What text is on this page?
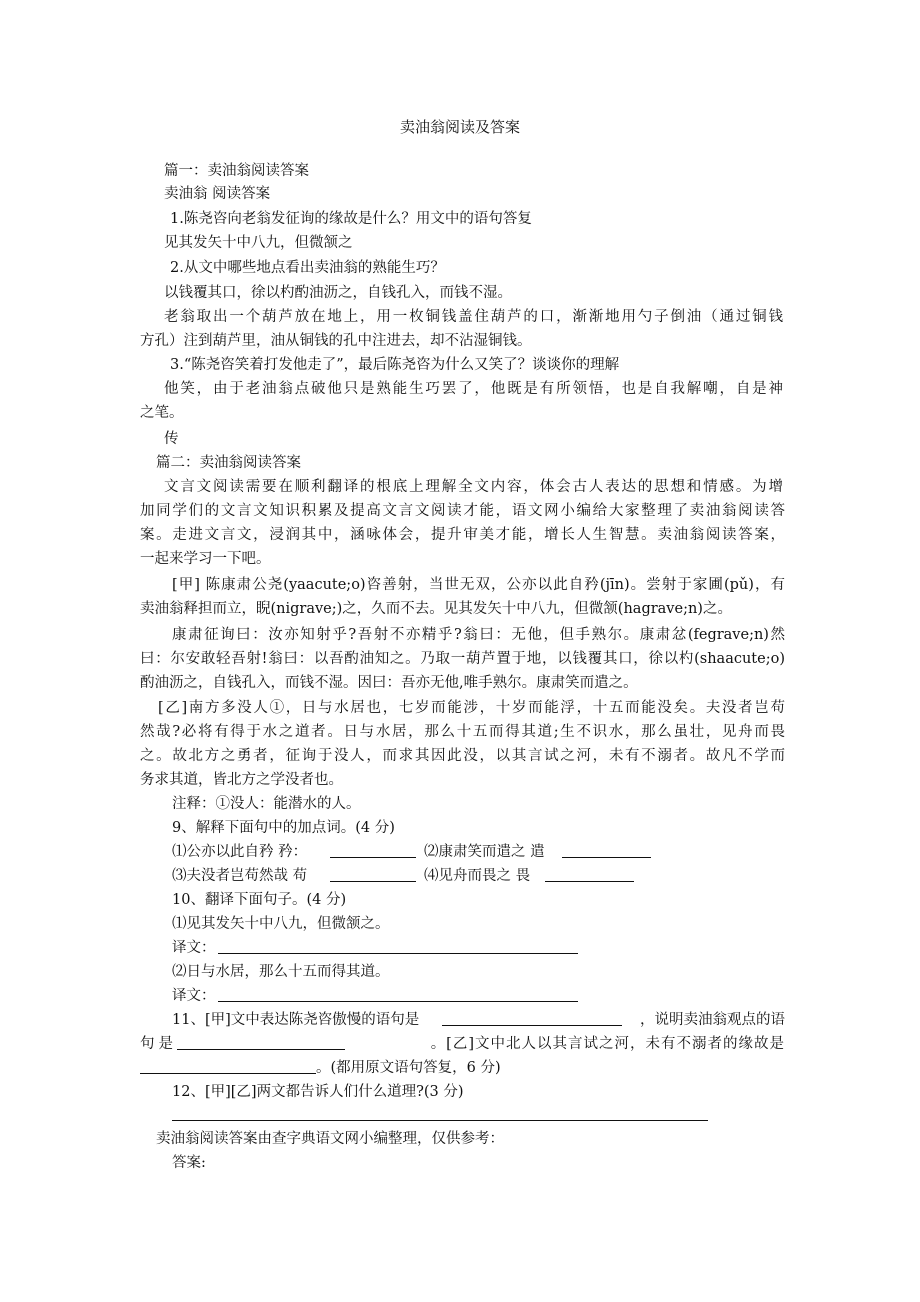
卖油翁阅读及答案
篇一：卖油翁阅读答案
卖油翁 阅读答案
1.陈尧咨向老翁发征询的缘故是什么？用文中的语句答复
见其发矢十中八九，但微颔之
2.从文中哪些地点看出卖油翁的熟能生巧？
以钱覆其口，徐以杓酌油沥之，自钱孔入，而钱不湿。
老翁取出一个葫芦放在地上，用一枚铜钱盖住葫芦的口，渐渐地用勺子倒油（通过铜钱
方孔）注到葫芦里，油从铜钱的孔中注进去，却不沾湿铜钱。
3.“陈尧咨笑着打发他走了”，最后陈尧咨为什么又笑了？谈谈你的理解
他笑，由于老油翁点破他只是熟能生巧罢了，他既是有所领悟，也是自我解嘲，自是神
之笔。
传
篇二：卖油翁阅读答案
文言文阅读需要在顺利翻译的根底上理解全文内容，体会古人表达的思想和情感。为增
加同学们的文言文知识积累及提高文言文阅读才能，语文网小编给大家整理了卖油翁阅读答
案。走进文言文，浸润其中，涵咏体会，提升审美才能，增长人生智慧。卖油翁阅读答案，
一起来学习一下吧。
[甲] 陈康肃公尧(yaacute;o)咨善射，当世无双，公亦以此自矜(jīn)。尝射于家圃(pǔ)，有
卖油翁释担而立，睨(nigrave;)之，久而不去。见其发矢十中八九，但微颔(hagrave;n)之。
康肃征询曰：汝亦知射乎?吾射不亦精乎?翁曰：无他，但手熟尔。康肃忿(fegrave;n)然
曰：尔安敢轻吾射!翁曰：以吾酌油知之。乃取一葫芦置于地，以钱覆其口，徐以杓(shaacute;o)
酌油沥之，自钱孔入，而钱不湿。因曰：吾亦无他,唯手熟尔。康肃笑而遣之。
[乙]南方多没人①，日与水居也，七岁而能涉，十岁而能浮，十五而能没矣。夫没者岂苟
然哉?必将有得于水之道者。日与水居，那么十五而得其道;生不识水，那么虽壮，见舟而畏
之。故北方之勇者，征询于没人，而求其因此没，以其言试之河，未有不溺者。故凡不学而
务求其道，皆北方之学没者也。
注释：①没人：能潜水的人。
9、解释下面句中的加点词。(4 分)
⑴公亦以此自矜 矜：	⑵康肃笑而遣之 遣
⑶夫没者岂苟然哉 苟	⑷见舟而畏之 畏
10、翻译下面句子。(4 分)
⑴见其发矢十中八九，但微颔之。
译文：
⑵日与水居，那么十五而得其道。
译文：
11、[甲]文中表达陈尧咨傲慢的语句是	，说明卖油翁观点的语
句是	。[乙]文中北人以其言试之河，未有不溺者的缘故是
。(都用原文语句答复，6 分)
12、[甲][乙]两文都告诉人们什么道理?(3 分)
卖油翁阅读答案由查字典语文网小编整理，仅供参考：
答案:
